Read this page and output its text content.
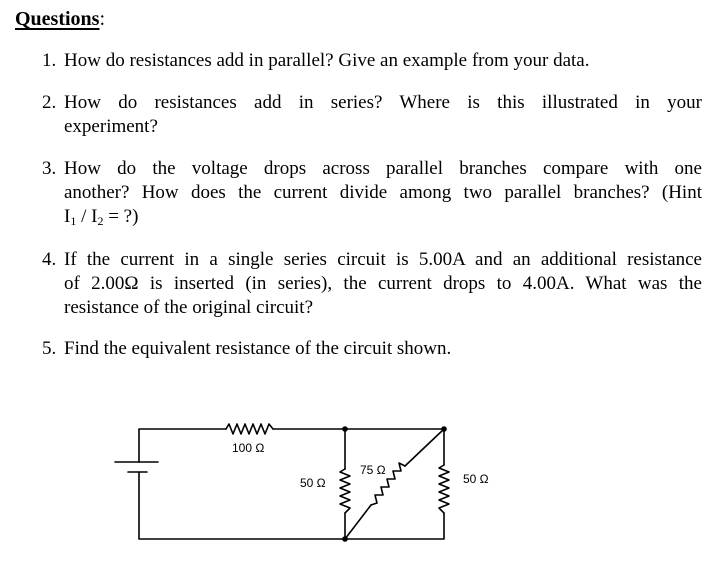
Questions:
1. How do resistances add in parallel? Give an example from your data.
2. How do resistances add in series? Where is this illustrated in your
experiment?
3. How do the voltage drops across parallel branches compare with one
another? How does the current divide among two parallel branches? (Hint
$I_1 / I_2$ = ?)
4. If the current in a single series circuit is 5.00A and an additional resistance
of 2.00Ω is inserted (in series), the current drops to 4.00A. What was the
resistance of the original circuit?
5. Find the equivalent resistance of the circuit shown.
100 Ω
50 Ω
75 Ω
50 Ω
